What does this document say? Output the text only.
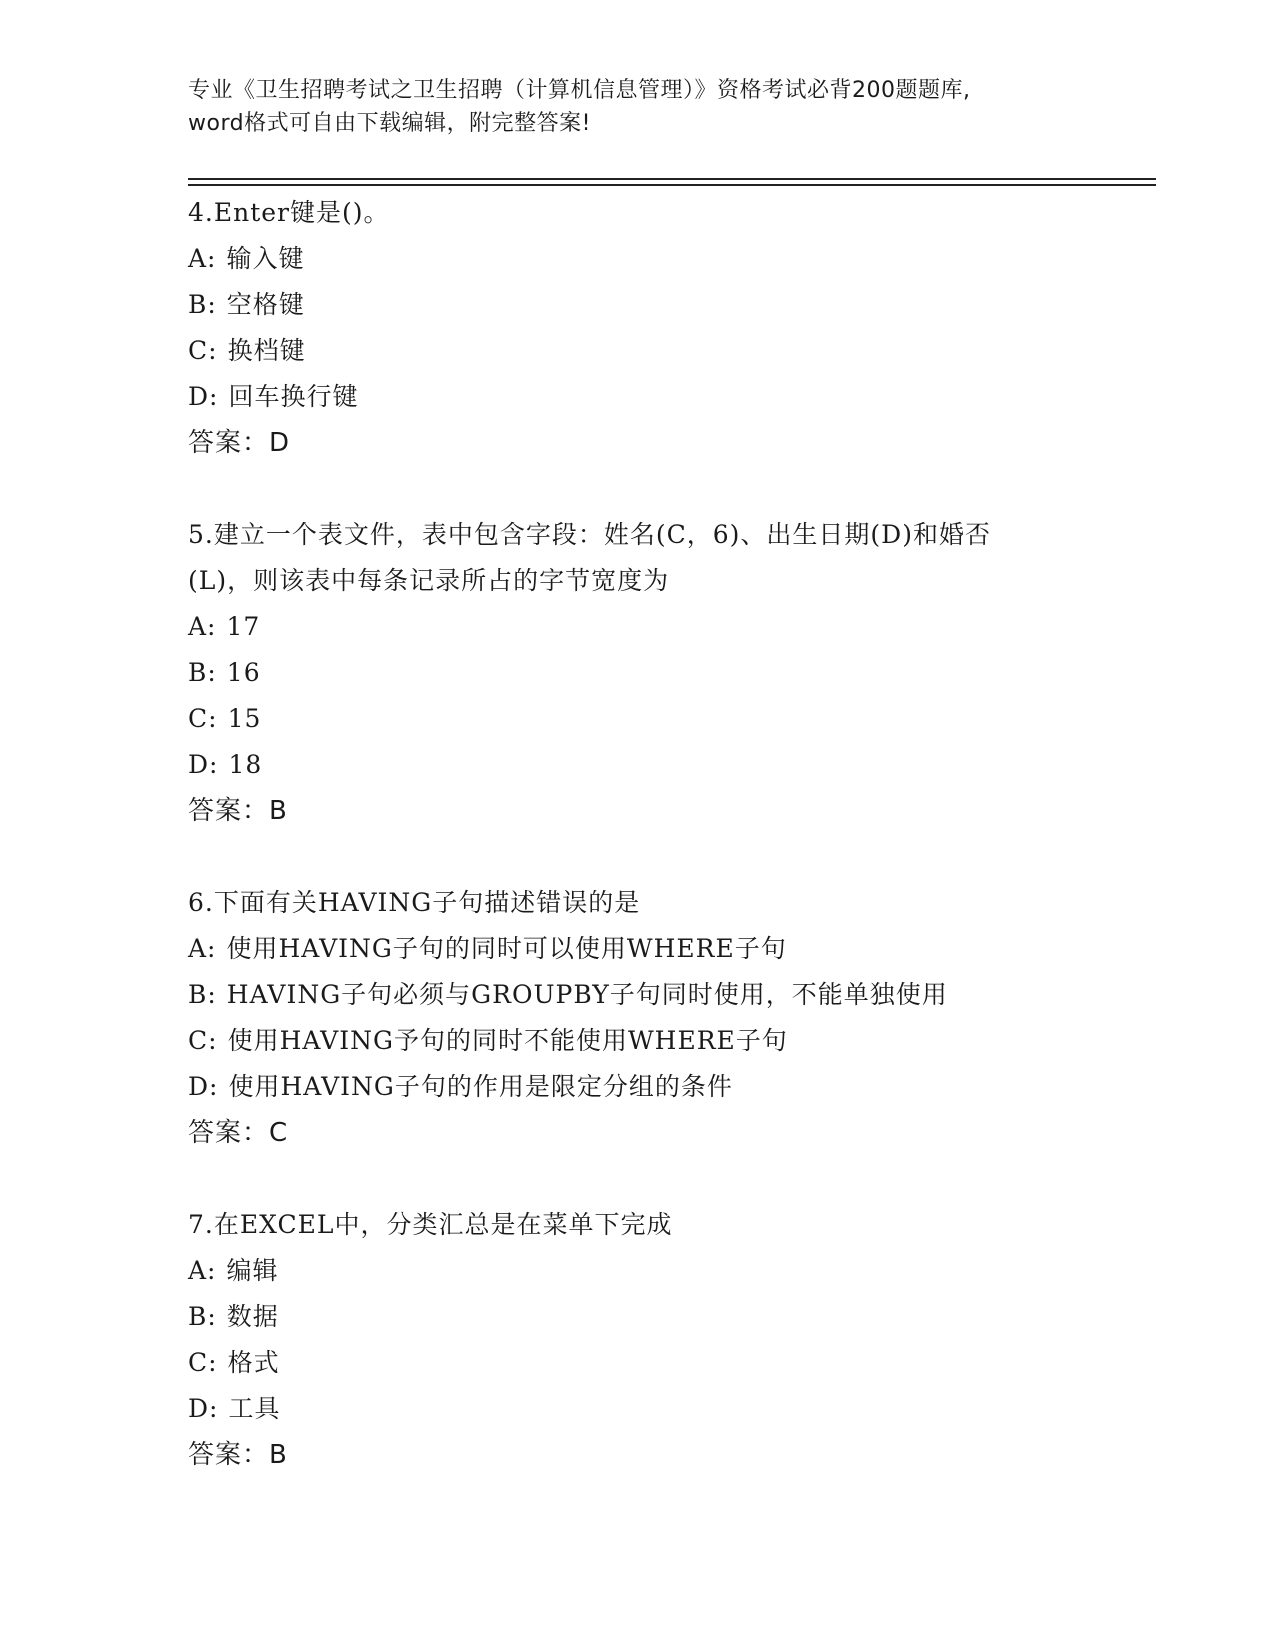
专业《卫生招聘考试之卫生招聘（计算机信息管理）》资格考试必背200题题库,
word格式可自由下载编辑，附完整答案!
4.Enter键是()。
A: 输入键
B: 空格键
C: 换档键
D: 回车换行键
答案：D
5.建立一个表文件，表中包含字段：姓名(C，6)、出生日期(D)和婚否
(L)，则该表中每条记录所占的字节宽度为
A: 17
B: 16
C: 15
D: 18
答案：B
6.下面有关HAVING子句描述错误的是
A: 使用HAVING子句的同时可以使用WHERE子句
B: HAVING子句必须与GROUPBY子句同时使用，不能单独使用
C: 使用HAVING予句的同时不能使用WHERE子句
D: 使用HAVING子句的作用是限定分组的条件
答案：C
7.在EXCEL中，分类汇总是在菜单下完成
A: 编辑
B: 数据
C: 格式
D: 工具
答案：B
